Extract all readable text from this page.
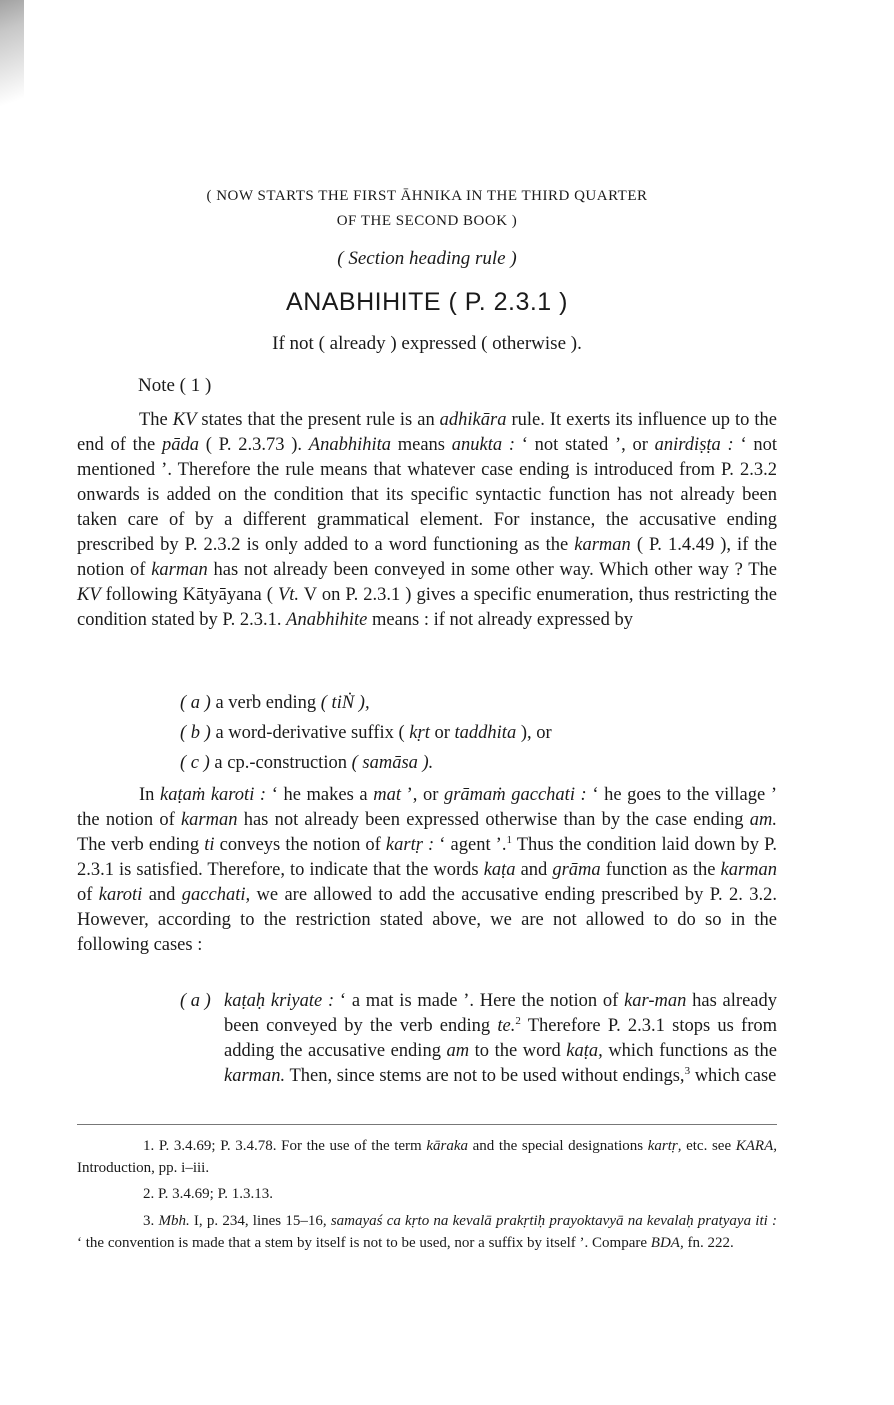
( NOW STARTS THE FIRST ĀHNIKA IN THE THIRD QUARTER
OF THE SECOND BOOK )
( Section heading rule )
ANABHIHITE ( P. 2.3.1 )
If not ( already ) expressed ( otherwise ).
Note ( 1 )

The KV states that the present rule is an adhikāra rule. It exerts its influence up to the end of the pāda ( P. 2.3.73 ). Anabhihita means anukta : ‘ not stated ’, or anirdiṣṭa : ‘ not mentioned ’. Therefore the rule means that whatever case ending is introduced from P. 2.3.2 onwards is added on the condition that its specific syntactic function has not already been taken care of by a different grammatical element. For instance, the accusative ending prescribed by P. 2.3.2 is only added to a word functioning as the karman ( P. 1.4.49 ), if the notion of karman has not already been conveyed in some other way. Which other way ? The KV following Kātyāyana ( Vt. V on P. 2.3.1 ) gives a specific enumeration, thus restricting the condition stated by P. 2.3.1. Anabhihite means : if not already expressed by

( a ) a verb ending ( tiṄ ),
( b ) a word-derivative suffix ( kṛt or taddhita ), or
( c ) a cp.-construction ( samāsa ).

In kaṭaṁ karoti : ‘ he makes a mat ’, or grāmaṁ gacchati : ‘ he goes to the village ’ the notion of karman has not already been expressed otherwise than by the case ending am. The verb ending ti conveys the notion of kartṛ : ‘ agent ’.$^1$ Thus the condition laid down by P. 2.3.1 is satisfied. Therefore, to indicate that the words kaṭa and grāma function as the karman of karoti and gacchati, we are allowed to add the accusative ending prescribed by P. 2. 3.2. However, according to the restriction stated above, we are not allowed to do so in the following cases :

( a ) kaṭaḥ kriyate : ‘ a mat is made ’. Here the notion of kar-man has already been conveyed by the verb ending te.$^2$ Therefore P. 2.3.1 stops us from adding the accusative ending am to the word kaṭa, which functions as the karman. Then, since stems are not to be used without endings,$^3$ which case

1. P. 3.4.69; P. 3.4.78. For the use of the term kāraka and the special designations kartṛ, etc. see KARA, Introduction, pp. i–iii.

2. P. 3.4.69; P. 1.3.13.

3. Mbh. I, p. 234, lines 15–16, samayaś ca kṛto na kevalā prakṛtiḥ prayoktavyā na kevalaḥ pratyaya iti : ‘ the convention is made that a stem by itself is not to be used, nor a suffix by itself ’. Compare BDA, fn. 222.
